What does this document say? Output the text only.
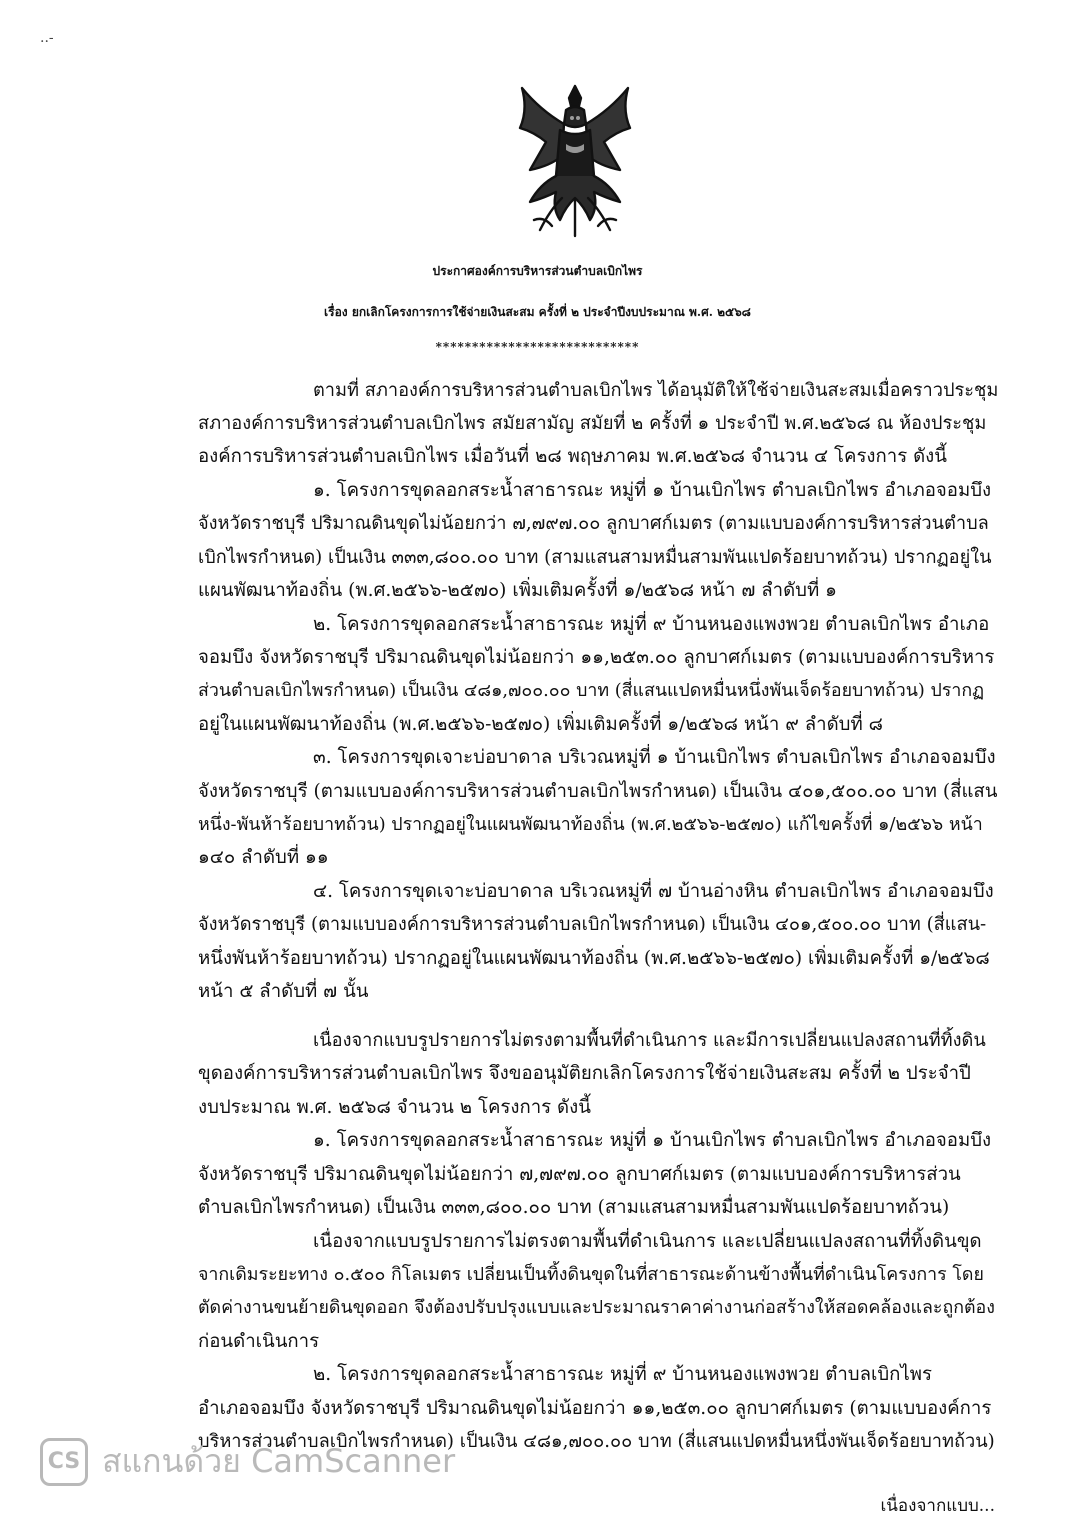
..-
ประกาศองค์การบริหารส่วนตำบลเบิกไพร
เรื่อง ยกเลิกโครงการการใช้จ่ายเงินสะสม ครั้งที่ ๒ ประจำปีงบประมาณ พ.ศ. ๒๕๖๘
****************************
ตามที่ สภาองค์การบริหารส่วนตำบลเบิกไพร ได้อนุมัติให้ใช้จ่ายเงินสะสมเมื่อคราวประชุม
สภาองค์การบริหารส่วนตำบลเบิกไพร สมัยสามัญ สมัยที่ ๒ ครั้งที่ ๑ ประจำปี พ.ศ.๒๕๖๘ ณ ห้องประชุม
องค์การบริหารส่วนตำบลเบิกไพร เมื่อวันที่ ๒๘ พฤษภาคม พ.ศ.๒๕๖๘ จำนวน ๔ โครงการ ดังนี้
๑. โครงการขุดลอกสระน้ำสาธารณะ หมู่ที่ ๑ บ้านเบิกไพร ตำบลเบิกไพร อำเภอจอมบึง
จังหวัดราชบุรี ปริมาณดินขุดไม่น้อยกว่า ๗,๗๙๗.๐๐ ลูกบาศก์เมตร (ตามแบบองค์การบริหารส่วนตำบล
เบิกไพรกำหนด) เป็นเงิน ๓๓๓,๘๐๐.๐๐ บาท (สามแสนสามหมื่นสามพันแปดร้อยบาทถ้วน) ปรากฏอยู่ใน
แผนพัฒนาท้องถิ่น (พ.ศ.๒๕๖๖-๒๕๗๐) เพิ่มเติมครั้งที่ ๑/๒๕๖๘ หน้า ๗ ลำดับที่ ๑
๒. โครงการขุดลอกสระน้ำสาธารณะ หมู่ที่ ๙ บ้านหนองแพงพวย ตำบลเบิกไพร อำเภอ
จอมบึง จังหวัดราชบุรี ปริมาณดินขุดไม่น้อยกว่า ๑๑,๒๕๓.๐๐ ลูกบาศก์เมตร (ตามแบบองค์การบริหาร
ส่วนตำบลเบิกไพรกำหนด) เป็นเงิน ๔๘๑,๗๐๐.๐๐ บาท (สี่แสนแปดหมื่นหนึ่งพันเจ็ดร้อยบาทถ้วน) ปรากฏ
อยู่ในแผนพัฒนาท้องถิ่น (พ.ศ.๒๕๖๖-๒๕๗๐) เพิ่มเติมครั้งที่ ๑/๒๕๖๘ หน้า ๙ ลำดับที่ ๘
๓. โครงการขุดเจาะบ่อบาดาล บริเวณหมู่ที่ ๑ บ้านเบิกไพร ตำบลเบิกไพร อำเภอจอมบึง
จังหวัดราชบุรี (ตามแบบองค์การบริหารส่วนตำบลเบิกไพรกำหนด) เป็นเงิน ๔๐๑,๕๐๐.๐๐ บาท (สี่แสน
หนึ่ง-พันห้าร้อยบาทถ้วน) ปรากฏอยู่ในแผนพัฒนาท้องถิ่น (พ.ศ.๒๕๖๖-๒๕๗๐) แก้ไขครั้งที่ ๑/๒๕๖๖ หน้า
๑๔๐ ลำดับที่ ๑๑
๔. โครงการขุดเจาะบ่อบาดาล บริเวณหมู่ที่ ๗ บ้านอ่างหิน ตำบลเบิกไพร อำเภอจอมบึง
จังหวัดราชบุรี (ตามแบบองค์การบริหารส่วนตำบลเบิกไพรกำหนด) เป็นเงิน ๔๐๑,๕๐๐.๐๐ บาท (สี่แสน-
หนึ่งพันห้าร้อยบาทถ้วน) ปรากฏอยู่ในแผนพัฒนาท้องถิ่น (พ.ศ.๒๕๖๖-๒๕๗๐) เพิ่มเติมครั้งที่ ๑/๒๕๖๘
หน้า ๕ ลำดับที่ ๗ นั้น
เนื่องจากแบบรูปรายการไม่ตรงตามพื้นที่ดำเนินการ และมีการเปลี่ยนแปลงสถานที่ทิ้งดิน
ขุดองค์การบริหารส่วนตำบลเบิกไพร จึงขออนุมัติยกเลิกโครงการใช้จ่ายเงินสะสม ครั้งที่ ๒ ประจำปี
งบประมาณ พ.ศ. ๒๕๖๘ จำนวน ๒ โครงการ ดังนี้
๑. โครงการขุดลอกสระน้ำสาธารณะ หมู่ที่ ๑ บ้านเบิกไพร ตำบลเบิกไพร อำเภอจอมบึง
จังหวัดราชบุรี ปริมาณดินขุดไม่น้อยกว่า ๗,๗๙๗.๐๐ ลูกบาศก์เมตร (ตามแบบองค์การบริหารส่วน
ตำบลเบิกไพรกำหนด) เป็นเงิน ๓๓๓,๘๐๐.๐๐ บาท (สามแสนสามหมื่นสามพันแปดร้อยบาทถ้วน)
เนื่องจากแบบรูปรายการไม่ตรงตามพื้นที่ดำเนินการ และเปลี่ยนแปลงสถานที่ทิ้งดินขุด
จากเดิมระยะทาง ๐.๕๐๐ กิโลเมตร เปลี่ยนเป็นทิ้งดินขุดในที่สาธารณะด้านข้างพื้นที่ดำเนินโครงการ โดย
ตัดค่างานขนย้ายดินขุดออก จึงต้องปรับปรุงแบบและประมาณราคาค่างานก่อสร้างให้สอดคล้องและถูกต้อง
ก่อนดำเนินการ
๒. โครงการขุดลอกสระน้ำสาธารณะ หมู่ที่ ๙ บ้านหนองแพงพวย ตำบลเบิกไพร
อำเภอจอมบึง จังหวัดราชบุรี ปริมาณดินขุดไม่น้อยกว่า ๑๑,๒๕๓.๐๐ ลูกบาศก์เมตร (ตามแบบองค์การ
บริหารส่วนตำบลเบิกไพรกำหนด) เป็นเงิน ๔๘๑,๗๐๐.๐๐ บาท (สี่แสนแปดหมื่นหนึ่งพันเจ็ดร้อยบาทถ้วน)
CS สแกนด้วย CamScanner
เนื่องจากแบบ...
